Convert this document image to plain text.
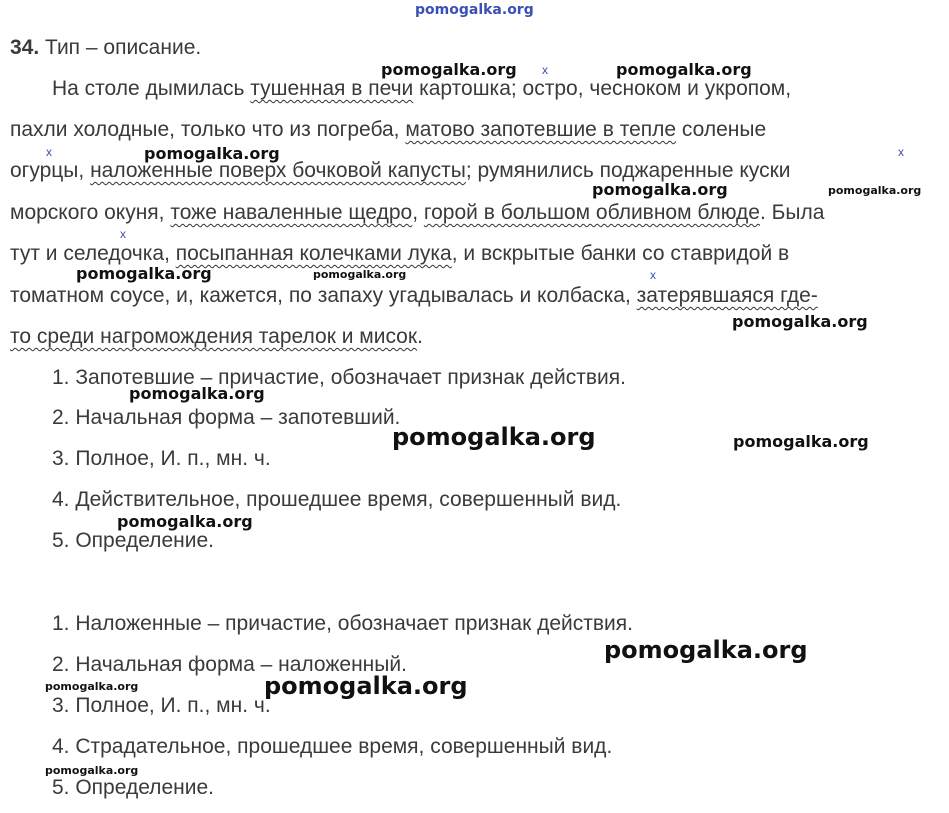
pomogalka.org
34. Тип – описание.
На столе дымилась тушенная в печи картошка; остро, чесноком и укропом,
пахли холодные, только что из погреба, матово запотевшие в тепле соленые
огурцы, наложенные поверх бочковой капусты; румянились поджаренные куски
морского окуня, тоже наваленные щедро, горой в большом обливном блюде. Была
тут и селедочка, посыпанная колечками лука, и вскрытые банки со ставридой в
томатном соусе, и, кажется, по запаху угадывалась и колбаска, затерявшаяся где-
то среди нагромождения тарелок и мисок.
x
x	x
x
x
1. Запотевшие – причастие, обозначает признак действия.
2. Начальная форма – запотевший.
3. Полное, И. п., мн. ч.
4. Действительное, прошедшее время, совершенный вид.
5. Определение.
1. Наложенные – причастие, обозначает признак действия.
2. Начальная форма – наложенный.
3. Полное, И. п., мн. ч.
4. Страдательное, прошедшее время, совершенный вид.
5. Определение.
pomogalka.org	pomogalka.org
pomogalka.org
pomogalka.org	pomogalka.org
pomogalka.org	pomogalka.org
pomogalka.org
pomogalka.org
pomogalka.org	pomogalka.org
pomogalka.org
pomogalka.org
pomogalka.org	pomogalka.org
pomogalka.org
